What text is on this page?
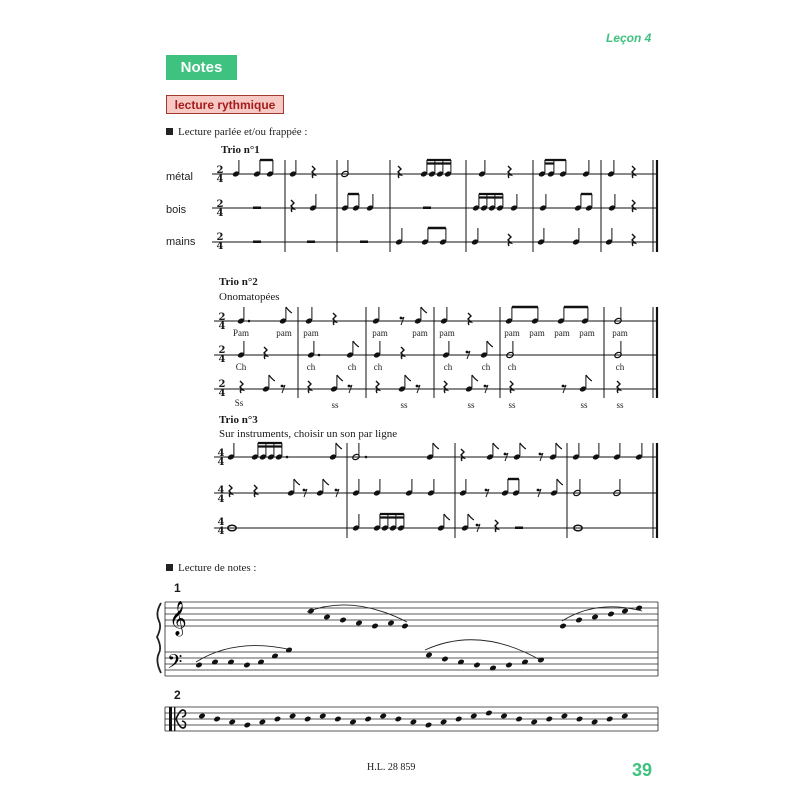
Leçon 4
Notes
lecture rythmique
Lecture parlée et/ou frappée :
Trio n°1
métal
bois
mains
2
4
2
4
2
4
Trio n°2
Onomatopées
2
4
2
4
2
4
Pam	pam	pam	pam	pam	pam	pam	pam	pam	pam	pam
Ch	ch	ch	ch	ch	ch	ch	ch
Ss	ss	ss	ss	ss	ss	ss
Trio n°3
Sur instruments, choisir un son par ligne
4
4
4
4
4
4
Lecture de notes :
1
2
H.L. 28 859	39
𝄞
𝄢
